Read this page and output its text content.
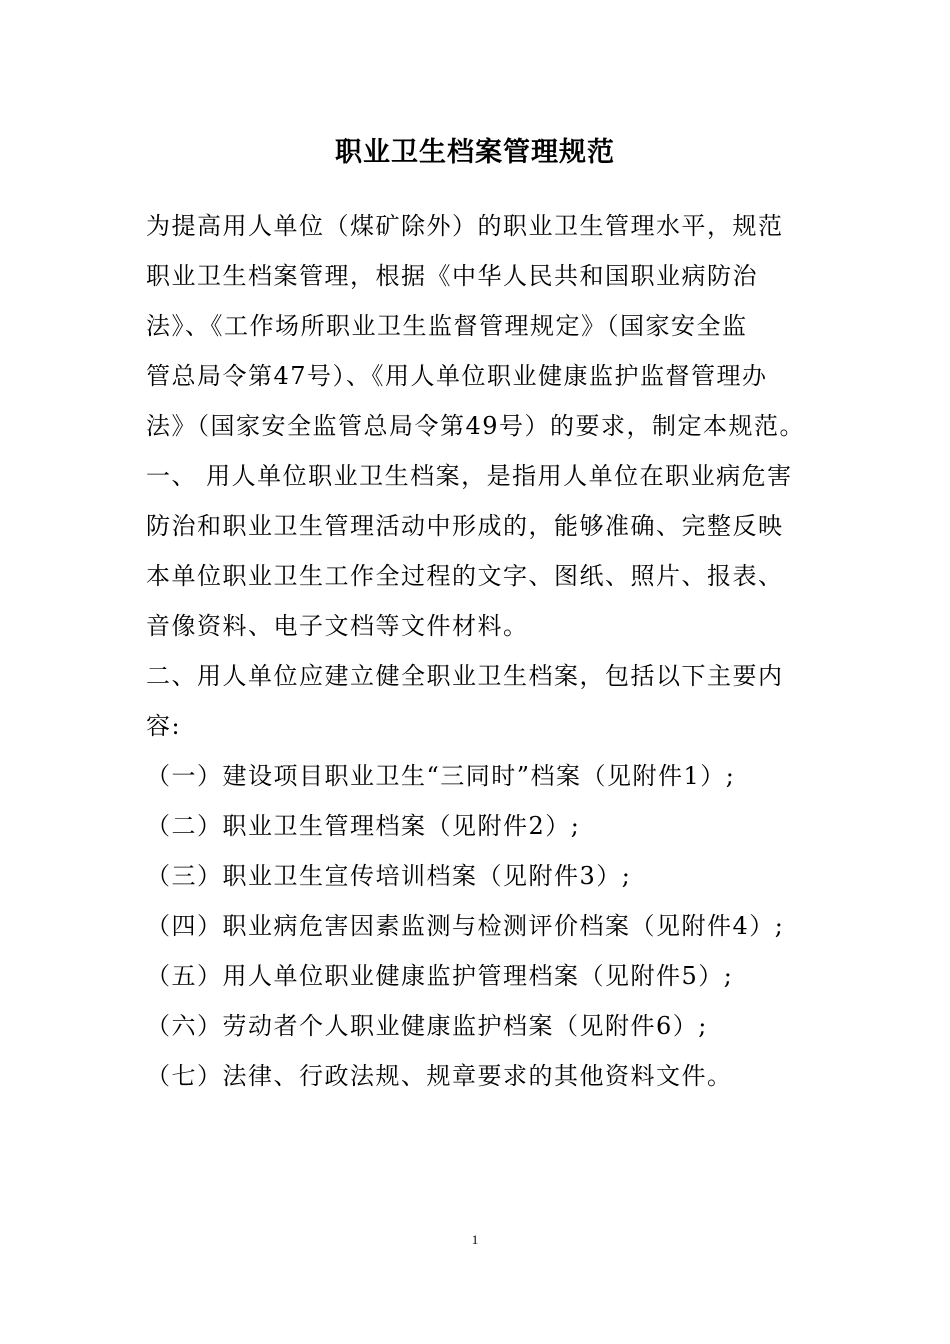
职业卫生档案管理规范
为提高用人单位（煤矿除外）的职业卫生管理水平，规范
职业卫生档案管理，根据《中华人民共和国职业病防治
法》、《工作场所职业卫生监督管理规定》（国家安全监
管总局令第47号）、《用人单位职业健康监护监督管理办
法》（国家安全监管总局令第49号）的要求，制定本规范。
一、 用人单位职业卫生档案，是指用人单位在职业病危害
防治和职业卫生管理活动中形成的，能够准确、完整反映
本单位职业卫生工作全过程的文字、图纸、照片、报表、
音像资料、电子文档等文件材料。
二、用人单位应建立健全职业卫生档案，包括以下主要内
容:
（一）建设项目职业卫生“三同时”档案（见附件1）;
（二）职业卫生管理档案（见附件2）;
（三）职业卫生宣传培训档案（见附件3）;
（四）职业病危害因素监测与检测评价档案（见附件4）;
（五）用人单位职业健康监护管理档案（见附件5）;
（六）劳动者个人职业健康监护档案（见附件6）;
（七）法律、行政法规、规章要求的其他资料文件。
1
